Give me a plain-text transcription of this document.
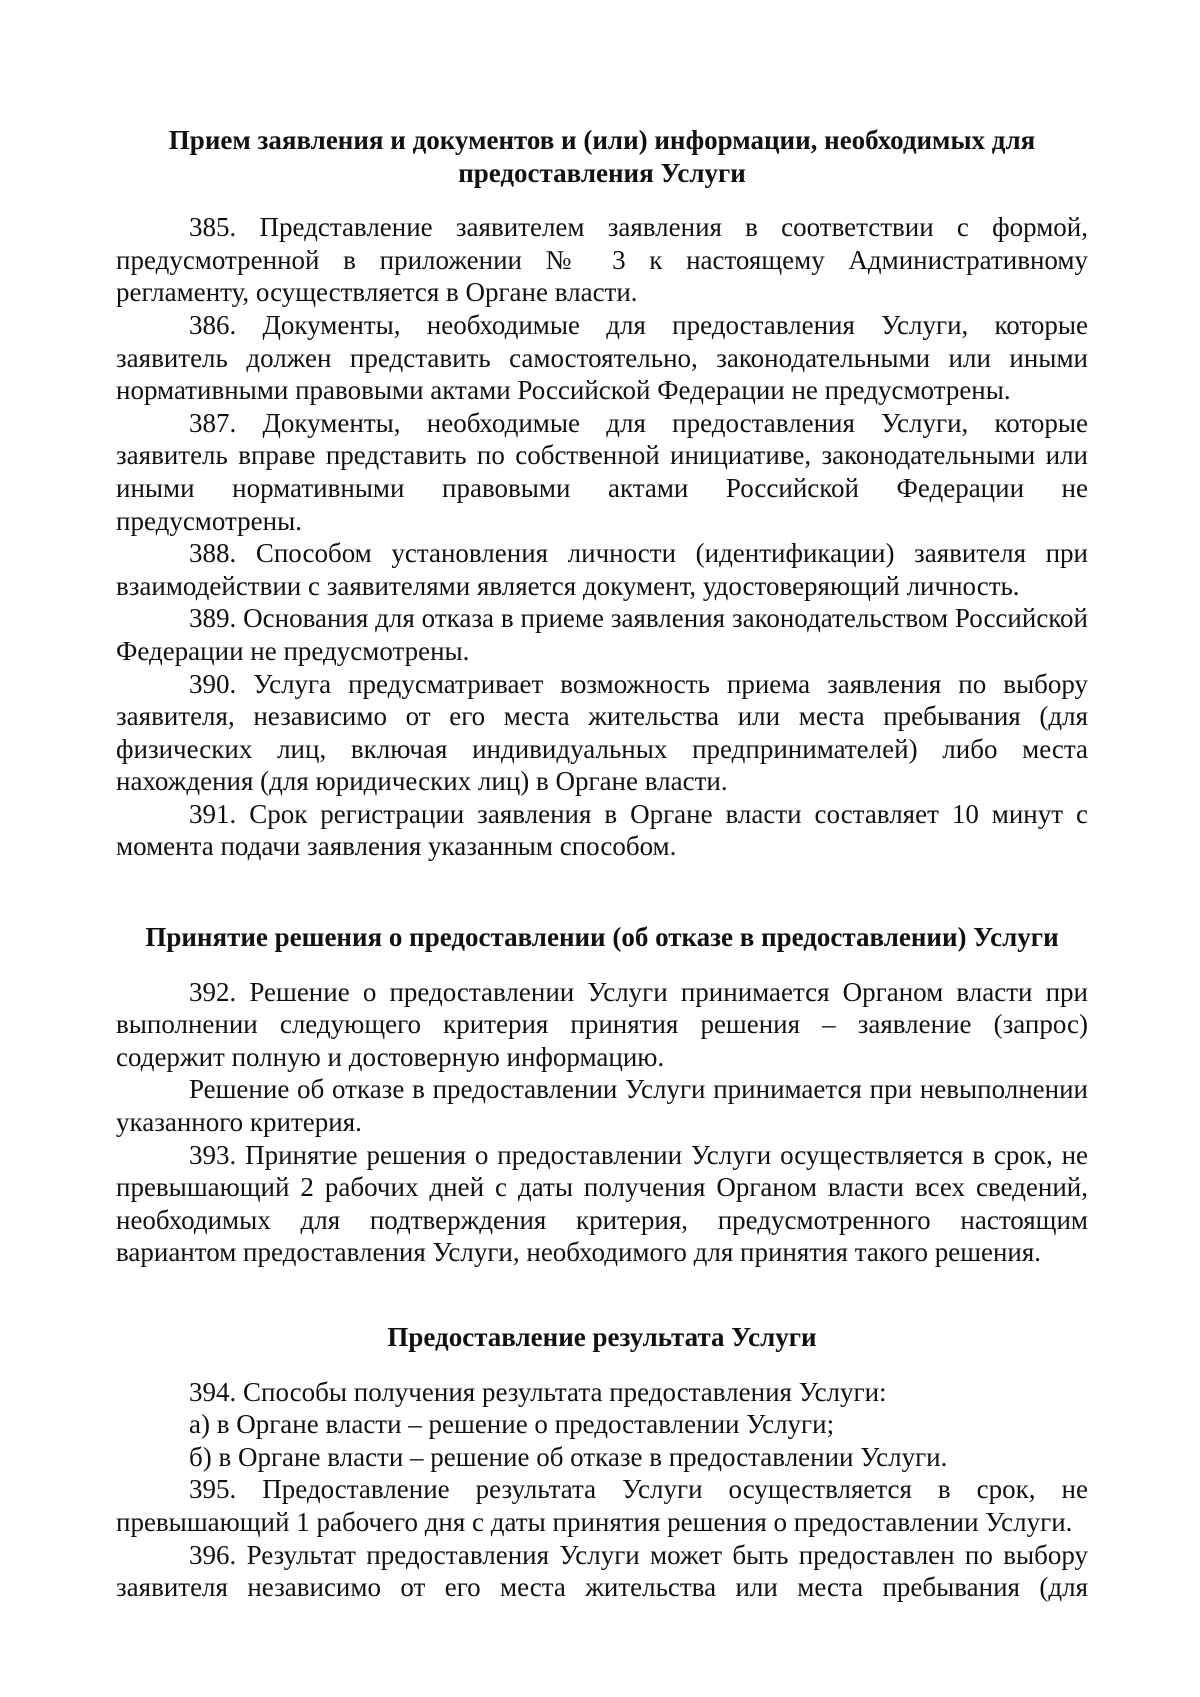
Прием заявления и документов и (или) информации, необходимых для предоставления Услуги

385. Представление заявителем заявления в соответствии с формой, предусмотренной в приложении № 3 к настоящему Административному регламенту, осуществляется в Органе власти.

386. Документы, необходимые для предоставления Услуги, которые заявитель должен представить самостоятельно, законодательными или иными нормативными правовыми актами Российской Федерации не предусмотрены.

387. Документы, необходимые для предоставления Услуги, которые заявитель вправе представить по собственной инициативе, законодательными или иными нормативными правовыми актами Российской Федерации не предусмотрены.

388. Способом установления личности (идентификации) заявителя при взаимодействии с заявителями является документ, удостоверяющий личность.

389. Основания для отказа в приеме заявления законодательством Российской Федерации не предусмотрены.

390. Услуга предусматривает возможность приема заявления по выбору заявителя, независимо от его места жительства или места пребывания (для физических лиц, включая индивидуальных предпринимателей) либо места нахождения (для юридических лиц) в Органе власти.

391. Срок регистрации заявления в Органе власти составляет 10 минут с момента подачи заявления указанным способом.

Принятие решения о предоставлении (об отказе в предоставлении) Услуги

392. Решение о предоставлении Услуги принимается Органом власти при выполнении следующего критерия принятия решения – заявление (запрос) содержит полную и достоверную информацию.

Решение об отказе в предоставлении Услуги принимается при невыполнении указанного критерия.

393. Принятие решения о предоставлении Услуги осуществляется в срок, не превышающий 2 рабочих дней с даты получения Органом власти всех сведений, необходимых для подтверждения критерия, предусмотренного настоящим вариантом предоставления Услуги, необходимого для принятия такого решения.

Предоставление результата Услуги

394. Способы получения результата предоставления Услуги:

а) в Органе власти – решение о предоставлении Услуги;

б) в Органе власти – решение об отказе в предоставлении Услуги.

395. Предоставление результата Услуги осуществляется в срок, не превышающий 1 рабочего дня с даты принятия решения о предоставлении Услуги.

396. Результат предоставления Услуги может быть предоставлен по выбору заявителя независимо от его места жительства или места пребывания (для
